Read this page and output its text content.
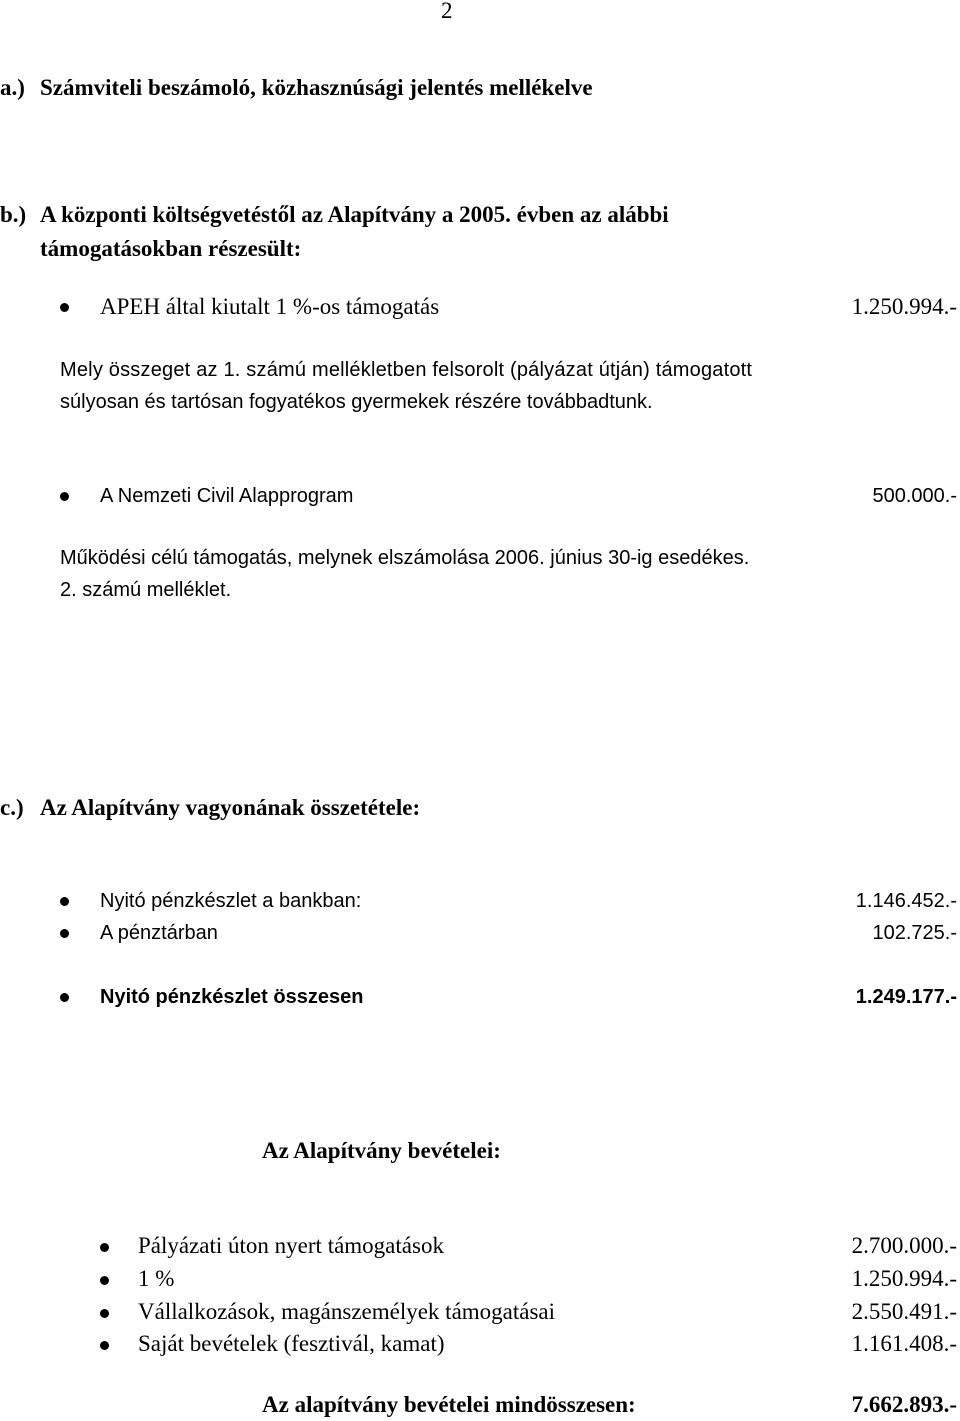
2
a.) Számviteli beszámoló, közhasznúsági jelentés mellékelve
b.) A központi költségvetéstől az Alapítvány a 2005. évben az alábbi
támogatásokban részesült:
APEH által kiutalt 1 %-os támogatás	1.250.994.-
Mely összeget az 1. számú mellékletben felsorolt (pályázat útján) támogatott
súlyosan és tartósan fogyatékos gyermekek részére továbbadtunk.
A Nemzeti Civil Alapprogram	500.000.-
Működési célú támogatás, melynek elszámolása 2006. június 30-ig esedékes.
2. számú melléklet.
c.) Az Alapítvány vagyonának összetétele:
Nyitó pénzkészlet a bankban:	1.146.452.-
A pénztárban	102.725.-
Nyitó pénzkészlet összesen	1.249.177.-
Az Alapítvány bevételei:
Pályázati úton nyert támogatások	2.700.000.-
1 %	1.250.994.-
Vállalkozások, magánszemélyek támogatásai	2.550.491.-
Saját bevételek (fesztivál, kamat)	1.161.408.-
Az alapítvány bevételei mindösszesen:	7.662.893.-
